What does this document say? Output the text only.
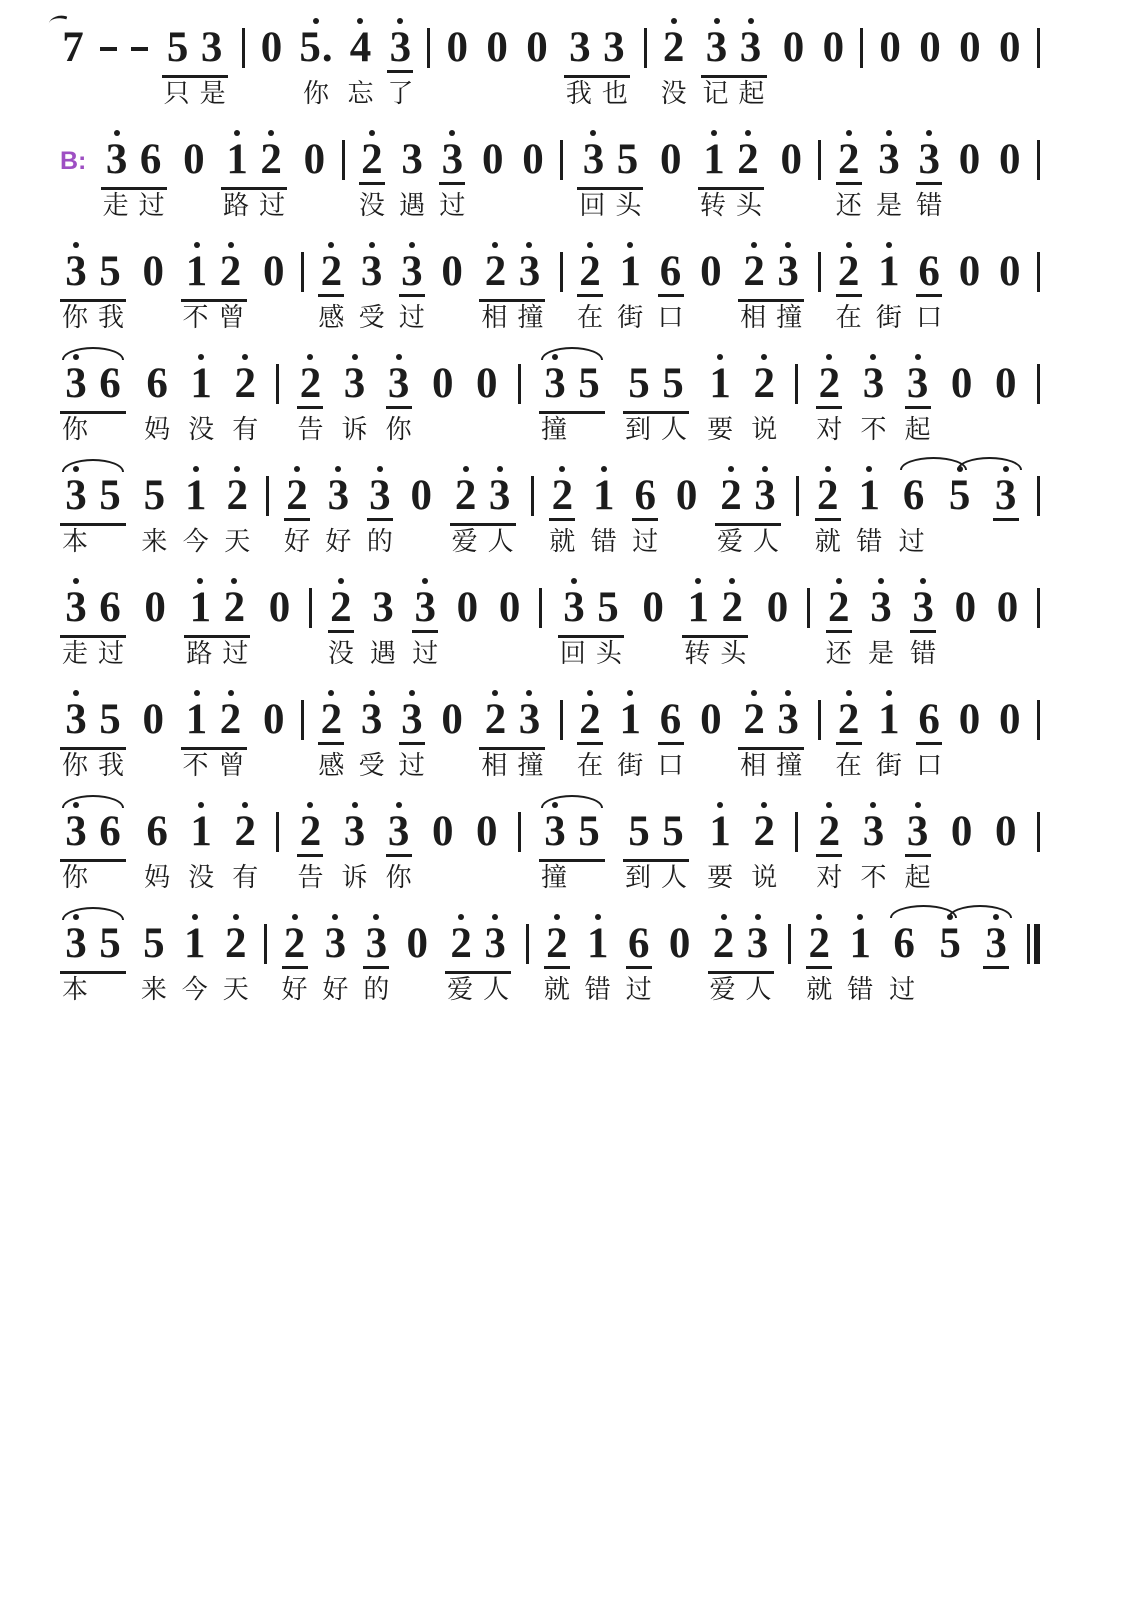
7
5 3
只 是
0
5 .
你
4
忘
3
了
0
0
0
3 3
我 也
2
没
3 3
记 起
0
0
0
0
0
0

B: 3 6
走 过
0
1 2
路 过
0
2
没
3
遇
3
过
0
0
3 5
回 头
0
1 2
转 头
0
2
还
3
是
3
错
0
0

3 5
你 我
0
1 2
不 曾
0
2
感
3
受
3
过
0
2 3
相 撞
2
在
1
街
6
口
0
2 3
相 撞
2
在
1
街
6
口
0
0

3 6
你

6
妈
1
没
2
有
2
告
3
诉
3
你
0
0
3 5
撞

5 5
到 人
1
要
2
说
2
对
3
不
3
起
0
0

3 5
本

5
来
1
今
2
天
2
好
3
好
3
的
0
2 3
爱 人
2
就
1
错
6
过
0
2 3
爱 人
2
就
1
错
6 5 3
过

3 6
走 过
0
1 2
路 过
0
2
没
3
遇
3
过
0
0
3 5
回 头
0
1 2
转 头
0
2
还
3
是
3
错
0
0

3 5
你 我
0
1 2
不 曾
0
2
感
3
受
3
过
0
2 3
相 撞
2
在
1
街
6
口
0
2 3
相 撞
2
在
1
街
6
口
0
0

3 6
你

6
妈
1
没
2
有
2
告
3
诉
3
你
0
0
3 5
撞

5 5
到 人
1
要
2
说
2
对
3
不
3
起
0
0

3 5
本

5
来
1
今
2
天
2
好
3
好
3
的
0
2 3
爱 人
2
就
1
错
6
过
0
2 3
爱 人
2
就
1
错
6 5 3
过
